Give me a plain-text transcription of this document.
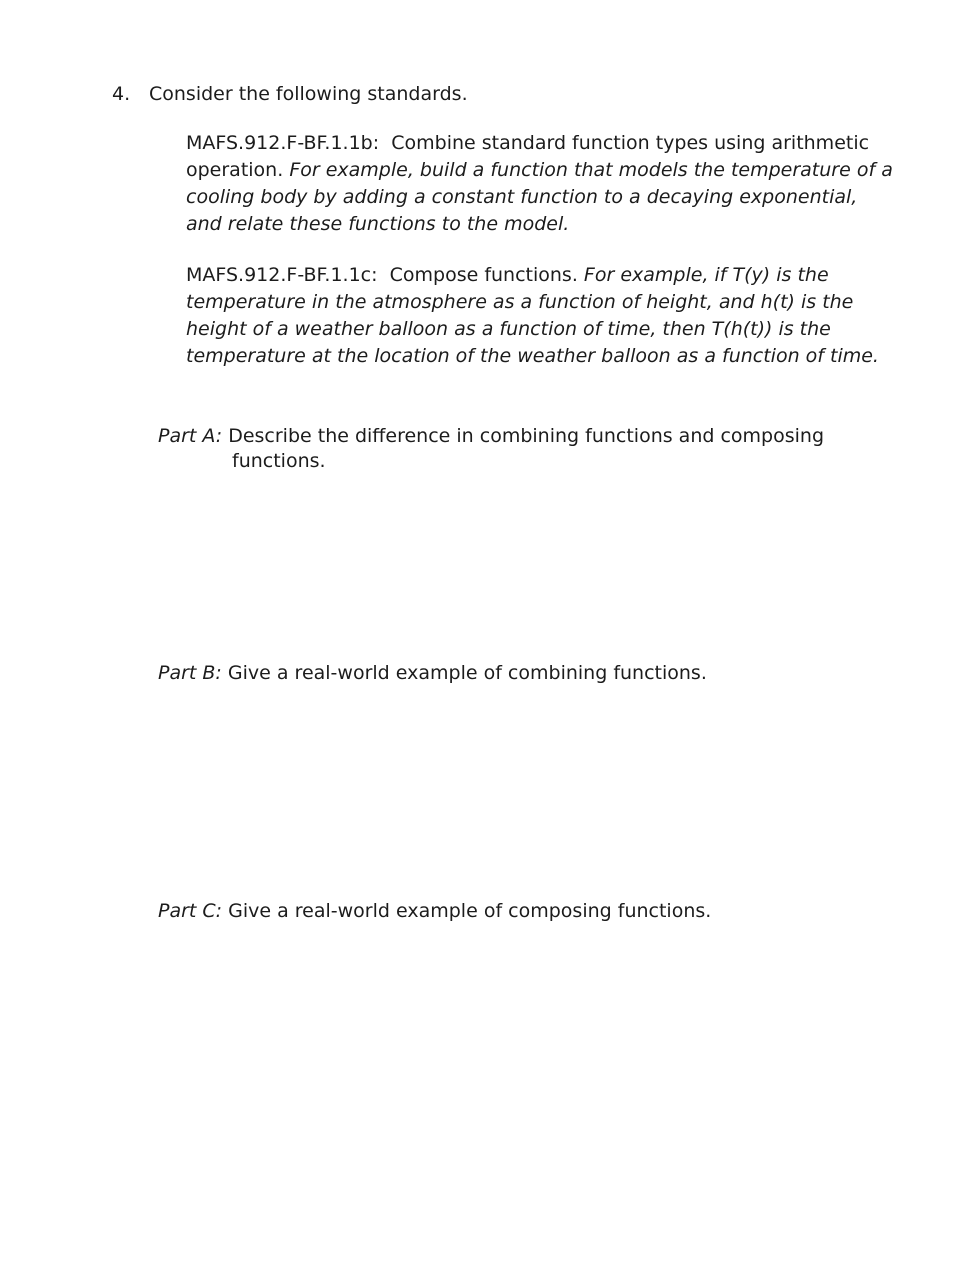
4. Consider the following standards.

MAFS.912.F-BF.1.1b: Combine standard function types using arithmetic operation. For example, build a function that models the temperature of a cooling body by adding a constant function to a decaying exponential, and relate these functions to the model.

MAFS.912.F-BF.1.1c: Compose functions. For example, if T(y) is the temperature in the atmosphere as a function of height, and h(t) is the height of a weather balloon as a function of time, then T(h(t)) is the temperature at the location of the weather balloon as a function of time.

Part A: Describe the difference in combining functions and composing
functions.
Part B: Give a real-world example of combining functions.
Part C: Give a real-world example of composing functions.
